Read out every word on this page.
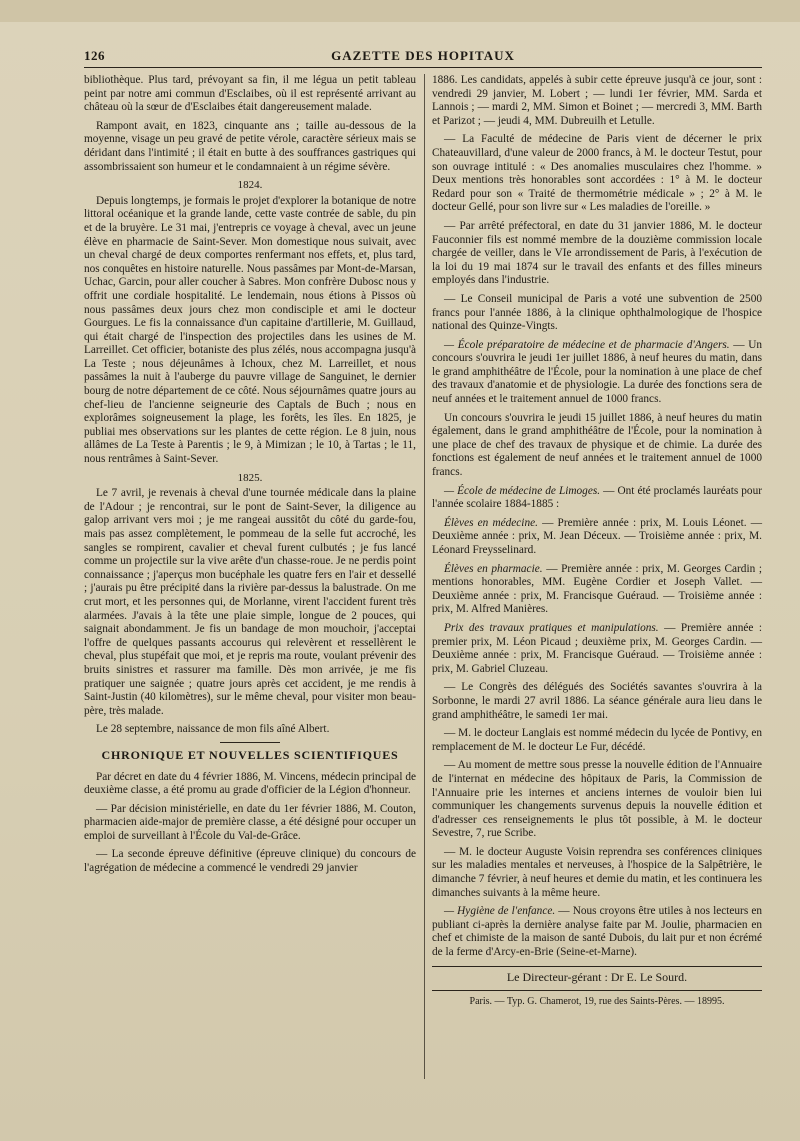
126	GAZETTE DES HOPITAUX

bibliothèque. Plus tard, prévoyant sa fin, il me légua un petit tableau peint par notre ami commun d'Esclaibes, où il est représenté arrivant au château où la sœur de d'Esclaibes était dangereusement malade.

Rampont avait, en 1823, cinquante ans ; taille au-dessous de la moyenne, visage un peu gravé de petite vérole, caractère sérieux mais se déridant dans l'intimité ; il était en butte à des souffrances gastriques qui assombrissaient son humeur et le condamnaient à un régime sévère.

1824.

Depuis longtemps, je formais le projet d'explorer la botanique de notre littoral océanique et la grande lande, cette vaste contrée de sable, du pin et de la bruyère. Le 31 mai, j'entrepris ce voyage à cheval, avec un jeune élève en pharmacie de Saint-Sever. Mon domestique nous suivait, avec un cheval chargé de deux comportes renfermant nos effets, et, plus tard, nos conquêtes en histoire naturelle. Nous passâmes par Mont-de-Marsan, Uchac, Garcin, pour aller coucher à Sabres. Mon confrère Dubosc nous y offrit une cordiale hospitalité. Le lendemain, nous étions à Pissos où nous passâmes deux jours chez mon condisciple et ami le docteur Gourgues. Le fis la connaissance d'un capitaine d'artillerie, M. Guillaud, qui était chargé de l'inspection des projectiles dans les usines de M. Larreillet. Cet officier, botaniste des plus zélés, nous accompagna jusqu'à La Teste ; nous déjeunâmes à Ichoux, chez M. Larreillet, et nous passâmes la nuit à l'auberge du pauvre village de Sanguinet, le dernier bourg de notre département de ce côté. Nous séjournâmes quatre jours au chef-lieu de l'ancienne seigneurie des Captals de Buch ; nous en explorâmes soigneusement la plage, les forêts, les îles. En 1825, je publiai mes observations sur les plantes de cette région. Le 8 juin, nous allâmes de La Teste à Parentis ; le 9, à Mimizan ; le 10, à Tartas ; le 11, nous rentrâmes à Saint-Sever.

1825.

Le 7 avril, je revenais à cheval d'une tournée médicale dans la plaine de l'Adour ; je rencontrai, sur le pont de Saint-Sever, la diligence au galop arrivant vers moi ; je me rangeai aussitôt du côté du garde-fou, mais pas assez complètement, le pommeau de la selle fut accroché, les sangles se rompirent, cavalier et cheval furent culbutés ; je fus lancé comme un projectile sur la vive arête d'un chasse-roue. Je ne perdis point connaissance ; j'aperçus mon bucéphale les quatre fers en l'air et dessellé ; j'aurais pu être précipité dans la rivière par-dessus la balustrade. On me crut mort, et les personnes qui, de Morlanne, virent l'accident furent très alarmées. J'avais à la tête une plaie simple, longue de 2 pouces, qui saignait abondamment. Je fis un bandage de mon mouchoir, j'acceptai l'offre de quelques passants accourus qui relevèrent et ressellèrent le cheval, plus stupéfait que moi, et je repris ma route, voulant prévenir des bruits sinistres et rassurer ma famille. Dès mon arrivée, je me fis pratiquer une saignée ; quatre jours après cet accident, je me rendis à Saint-Justin (40 kilomètres), sur le même cheval, pour visiter mon beau-père, très malade.

Le 28 septembre, naissance de mon fils aîné Albert.

CHRONIQUE ET NOUVELLES SCIENTIFIQUES

Par décret en date du 4 février 1886, M. Vincens, médecin principal de deuxième classe, a été promu au grade d'officier de la Légion d'honneur.

— Par décision ministérielle, en date du 1er février 1886, M. Couton, pharmacien aide-major de première classe, a été désigné pour occuper un emploi de surveillant à l'École du Val-de-Grâce.

— La seconde épreuve définitive (épreuve clinique) du concours de l'agrégation de médecine a commencé le vendredi 29 janvier

1886. Les candidats, appelés à subir cette épreuve jusqu'à ce jour, sont : vendredi 29 janvier, M. Lobert ; — lundi 1er février, MM. Sarda et Lannois ; — mardi 2, MM. Simon et Boinet ; — mercredi 3, MM. Barth et Parizot ; — jeudi 4, MM. Dubreuilh et Letulle.

— La Faculté de médecine de Paris vient de décerner le prix Chateauvillard, d'une valeur de 2000 francs, à M. le docteur Testut, pour son ouvrage intitulé : « Des anomalies musculaires chez l'homme. » Deux mentions très honorables sont accordées : 1° à M. le docteur Redard pour son « Traité de thermométrie médicale » ; 2° à M. le docteur Gellé, pour son livre sur « Les maladies de l'oreille. »

— Par arrêté préfectoral, en date du 31 janvier 1886, M. le docteur Fauconnier fils est nommé membre de la douzième commission locale chargée de veiller, dans le VIe arrondissement de Paris, à l'exécution de la loi du 19 mai 1874 sur le travail des enfants et des filles mineurs employés dans l'industrie.

— Le Conseil municipal de Paris a voté une subvention de 2500 francs pour l'année 1886, à la clinique ophthalmologique de l'hospice national des Quinze-Vingts.

— École préparatoire de médecine et de pharmacie d'Angers. — Un concours s'ouvrira le jeudi 1er juillet 1886, à neuf heures du matin, dans le grand amphithéâtre de l'École, pour la nomination à une place de chef des travaux d'anatomie et de physiologie. La durée des fonctions sera de neuf années et le traitement annuel de 1000 francs.

Un concours s'ouvrira le jeudi 15 juillet 1886, à neuf heures du matin également, dans le grand amphithéâtre de l'École, pour la nomination à une place de chef des travaux de physique et de chimie. La durée des fonctions est également de neuf années et le traitement annuel de 1000 francs.

— École de médecine de Limoges. — Ont été proclamés lauréats pour l'année scolaire 1884-1885 :

Élèves en médecine. — Première année : prix, M. Louis Léonet. — Deuxième année : prix, M. Jean Déceux. — Troisième année : prix, M. Léonard Freysselinard.

Élèves en pharmacie. — Première année : prix, M. Georges Cardin ; mentions honorables, MM. Eugène Cordier et Joseph Vallet. — Deuxième année : prix, M. Francisque Guéraud. — Troisième année : prix, M. Alfred Manières.

Prix des travaux pratiques et manipulations. — Première année : premier prix, M. Léon Picaud ; deuxième prix, M. Georges Cardin. — Deuxième année : prix, M. Francisque Guéraud. — Troisième année : prix, M. Gabriel Cluzeau.

— Le Congrès des délégués des Sociétés savantes s'ouvrira à la Sorbonne, le mardi 27 avril 1886. La séance générale aura lieu dans le grand amphithéâtre, le samedi 1er mai.

— M. le docteur Langlais est nommé médecin du lycée de Pontivy, en remplacement de M. le docteur Le Fur, décédé.

— Au moment de mettre sous presse la nouvelle édition de l'Annuaire de l'internat en médecine des hôpitaux de Paris, la Commission de l'Annuaire prie les internes et anciens internes de vouloir bien lui communiquer les changements survenus depuis la nouvelle édition et d'adresser ces renseignements le plus tôt possible, à M. le docteur Sevestre, 7, rue Scribe.

— M. le docteur Auguste Voisin reprendra ses conférences cliniques sur les maladies mentales et nerveuses, à l'hospice de la Salpêtrière, le dimanche 7 février, à neuf heures et demie du matin, et les continuera les dimanches suivants à la même heure.

— Hygiène de l'enfance. — Nous croyons être utiles à nos lecteurs en publiant ci-après la dernière analyse faite par M. Joulie, pharmacien en chef et chimiste de la maison de santé Dubois, du lait pur et non écrémé de la ferme d'Arcy-en-Brie (Seine-et-Marne).

Le Directeur-gérant : Dr E. Le Sourd.
Paris. — Typ. G. Chamerot, 19, rue des Saints-Pères. — 18995.
